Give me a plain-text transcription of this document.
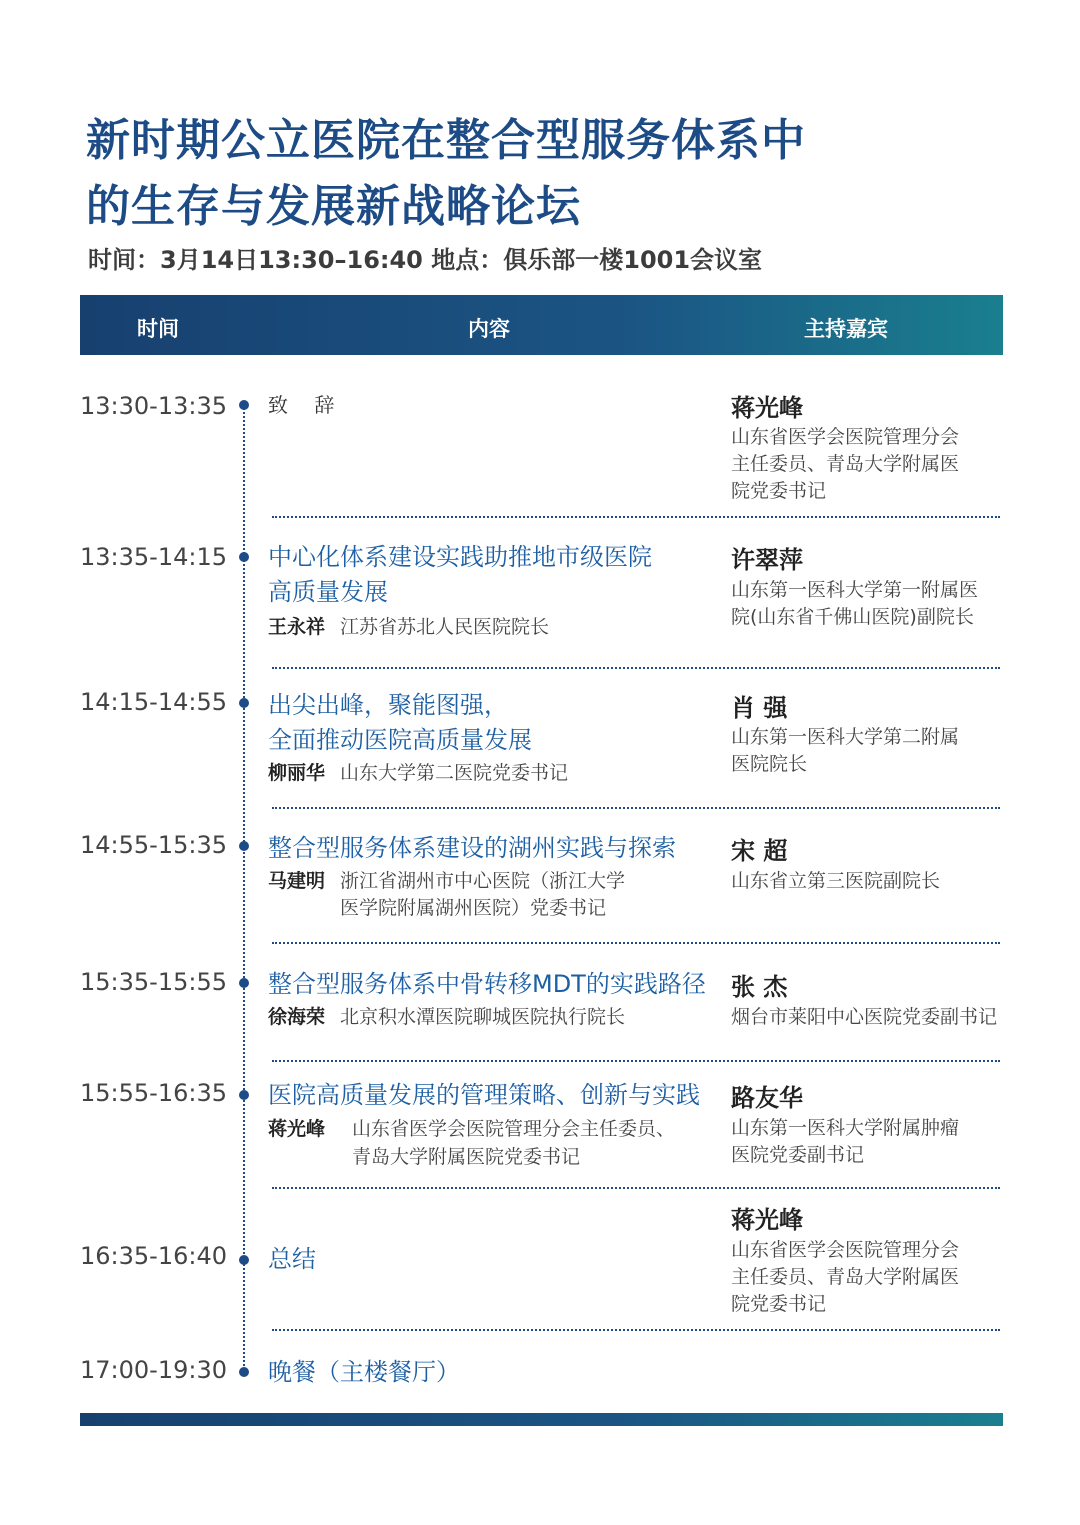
新时期公立医院在整合型服务体系中
的生存与发展新战略论坛
时间：3月14日13:30–16:40 地点：俱乐部一楼1001会议室
时间	内容	主持嘉宾
13:30-13:35 致 辞	蒋光峰
山东省医学会医院管理分会
主任委员、青岛大学附属医
院党委书记
13:35-14:15 中心化体系建设实践助推地市级医院
高质量发展
王永祥 江苏省苏北人民医院院长
许翠萍
山东第一医科大学第一附属医
院(山东省千佛山医院)副院长
14:15-14:55 出尖出峰，聚能图强，
全面推动医院高质量发展
柳丽华 山东大学第二医院党委书记
肖 强
山东第一医科大学第二附属
医院院长
14:55-15:35 整合型服务体系建设的湖州实践与探索
马建明 浙江省湖州市中心医院（浙江大学
医学院附属湖州医院）党委书记
宋 超
山东省立第三医院副院长
15:35-15:55 整合型服务体系中骨转移MDT的实践路径
徐海荣 北京积水潭医院聊城医院执行院长
张 杰
烟台市莱阳中心医院党委副书记
15:55-16:35 医院高质量发展的管理策略、创新与实践
蒋光峰 山东省医学会医院管理分会主任委员、
青岛大学附属医院党委书记
路友华
山东第一医科大学附属肿瘤
医院党委副书记
16:35-16:40 总结
蒋光峰
山东省医学会医院管理分会
主任委员、青岛大学附属医
院党委书记
17:00-19:30 晚餐（主楼餐厅）
